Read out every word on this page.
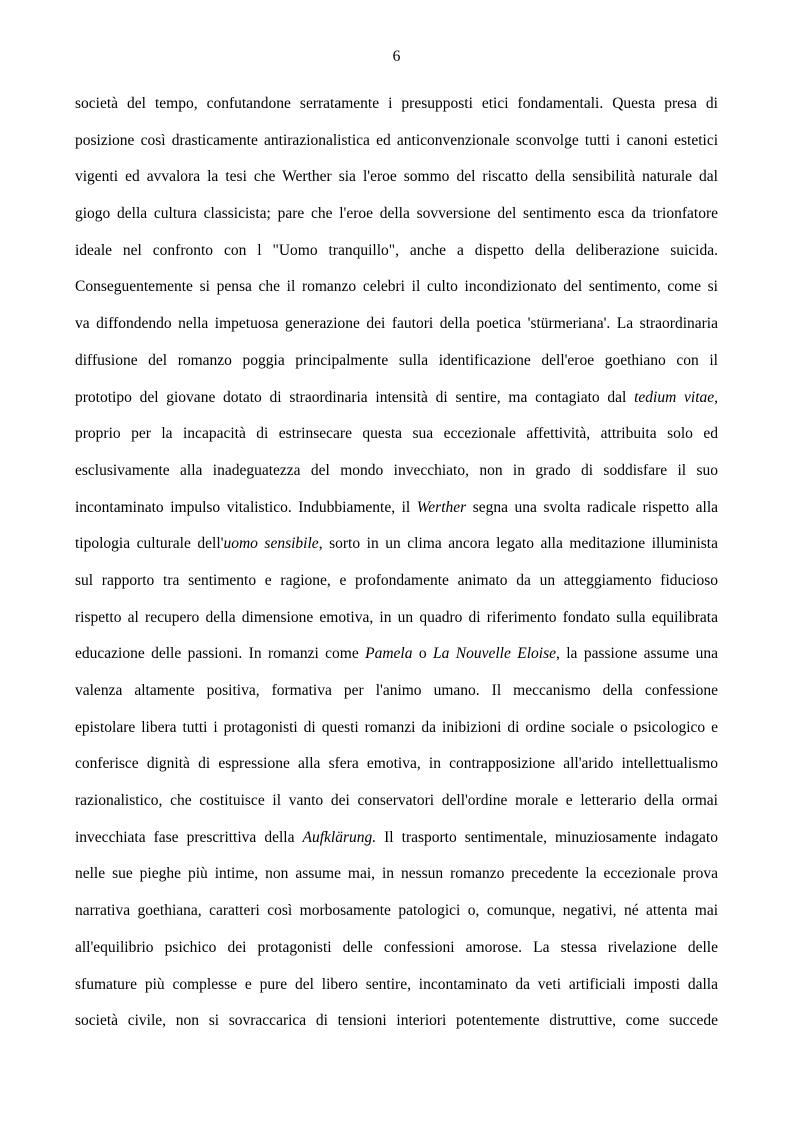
6
società del tempo, confutandone serratamente i presupposti etici fondamentali. Questa presa di
posizione così drasticamente antirazionalistica ed anticonvenzionale sconvolge tutti i canoni estetici
vigenti ed avvalora la tesi che Werther sia l'eroe sommo del riscatto della sensibilità naturale dal
giogo della cultura classicista; pare che l'eroe della sovversione del sentimento esca da trionfatore
ideale nel confronto con l "Uomo tranquillo", anche a dispetto della deliberazione suicida.
Conseguentemente si pensa che il romanzo celebri il culto incondizionato del sentimento, come si
va diffondendo nella impetuosa generazione dei fautori della poetica 'stürmeriana'. La straordinaria
diffusione del romanzo poggia principalmente sulla identificazione dell'eroe goethiano con il
prototipo del giovane dotato di straordinaria intensità di sentire, ma contagiato dal tedium vitae,
proprio per la incapacità di estrinsecare questa sua eccezionale affettività, attribuita solo ed
esclusivamente alla inadeguatezza del mondo invecchiato, non in grado di soddisfare il suo
incontaminato impulso vitalistico. Indubbiamente, il Werther segna una svolta radicale rispetto alla
tipologia culturale dell'uomo sensibile, sorto in un clima ancora legato alla meditazione illuminista
sul rapporto tra sentimento e ragione, e profondamente animato da un atteggiamento fiducioso
rispetto al recupero della dimensione emotiva, in un quadro di riferimento fondato sulla equilibrata
educazione delle passioni. In romanzi come Pamela o La Nouvelle Eloise, la passione assume una
valenza altamente positiva, formativa per l'animo umano. Il meccanismo della confessione
epistolare libera tutti i protagonisti di questi romanzi da inibizioni di ordine sociale o psicologico e
conferisce dignità di espressione alla sfera emotiva, in contrapposizione all'arido intellettualismo
razionalistico, che costituisce il vanto dei conservatori dell'ordine morale e letterario della ormai
invecchiata fase prescrittiva della Aufklärung. Il trasporto sentimentale, minuziosamente indagato
nelle sue pieghe più intime, non assume mai, in nessun romanzo precedente la eccezionale prova
narrativa goethiana, caratteri così morbosamente patologici o, comunque, negativi, né attenta mai
all'equilibrio psichico dei protagonisti delle confessioni amorose. La stessa rivelazione delle
sfumature più complesse e pure del libero sentire, incontaminato da veti artificiali imposti dalla
società civile, non si sovraccarica di tensioni interiori potentemente distruttive, come succede
